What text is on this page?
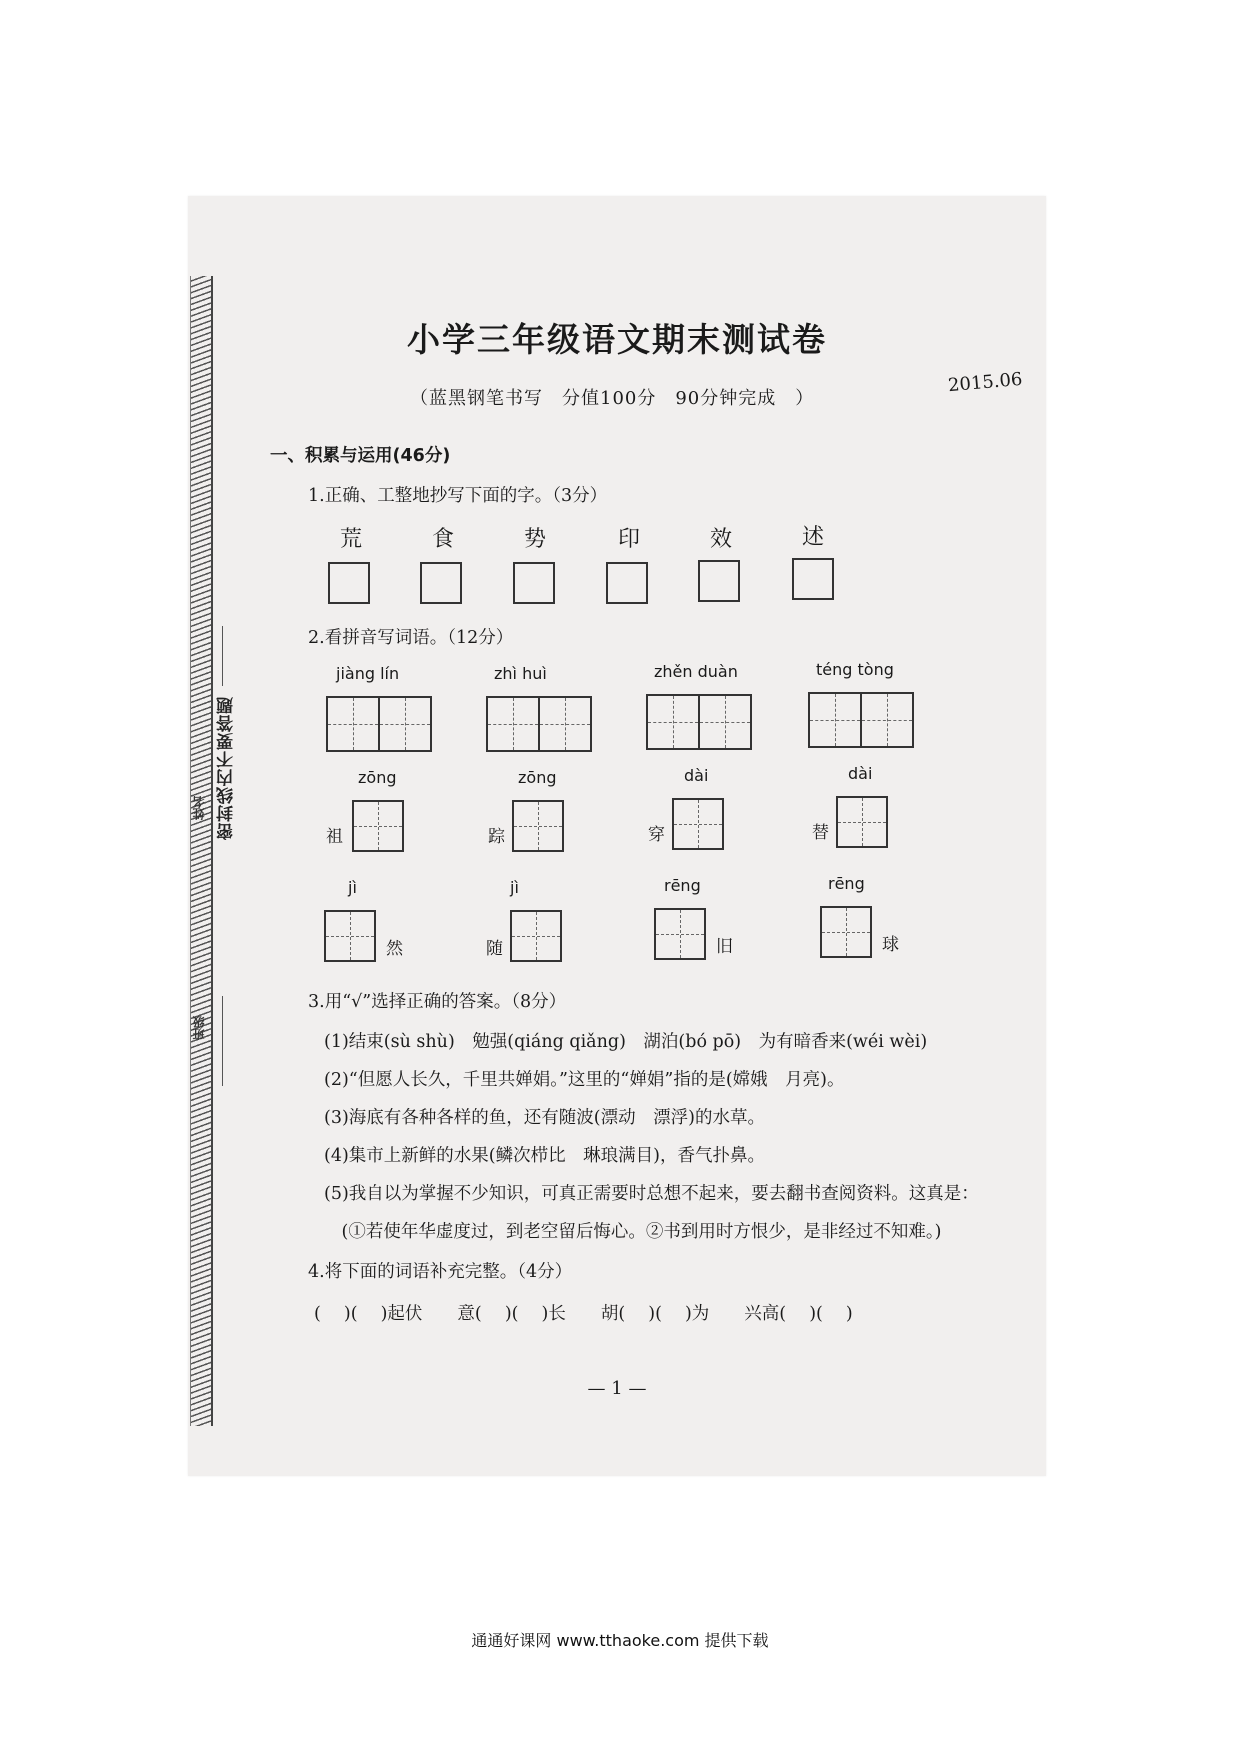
姓名
班级
密封线内不要答题
小学三年级语文期末测试卷
（蓝黑钢笔书写　分值100分　90分钟完成　）
2015.06
一、积累与运用(46分)
1.正确、工整地抄写下面的字。（3分）
荒	食	势	印	效	述
2.看拼音写词语。（12分）
jiàng lín	zhì huì	zhěn duàn	téng tòng
zōng	zōng	dài	dài
祖	踪	穿	替
jì	jì	rēng	rēng
然	随	旧	球
3.用“√”选择正确的答案。（8分）
(1)结束(sù shù)　勉强(qiáng qiǎng)　湖泊(bó pō)　为有暗香来(wéi wèi)
(2)“但愿人长久，千里共婵娟。”这里的“婵娟”指的是(嫦娥　月亮)。
(3)海底有各种各样的鱼，还有随波(漂动　漂浮)的水草。
(4)集市上新鲜的水果(鳞次栉比　琳琅满目)，香气扑鼻。
(5)我自以为掌握不少知识，可真正需要时总想不起来，要去翻书查阅资料。这真是：
　(①若使年华虚度过，到老空留后悔心。②书到用时方恨少，是非经过不知难。)
4.将下面的词语补充完整。（4分）
(　 )(　 )起伏　　意(　 )(　 )长　　胡(　 )(　 )为　　兴高(　 )(　 )
— 1 —
通通好课网 www.tthaoke.com 提供下载
